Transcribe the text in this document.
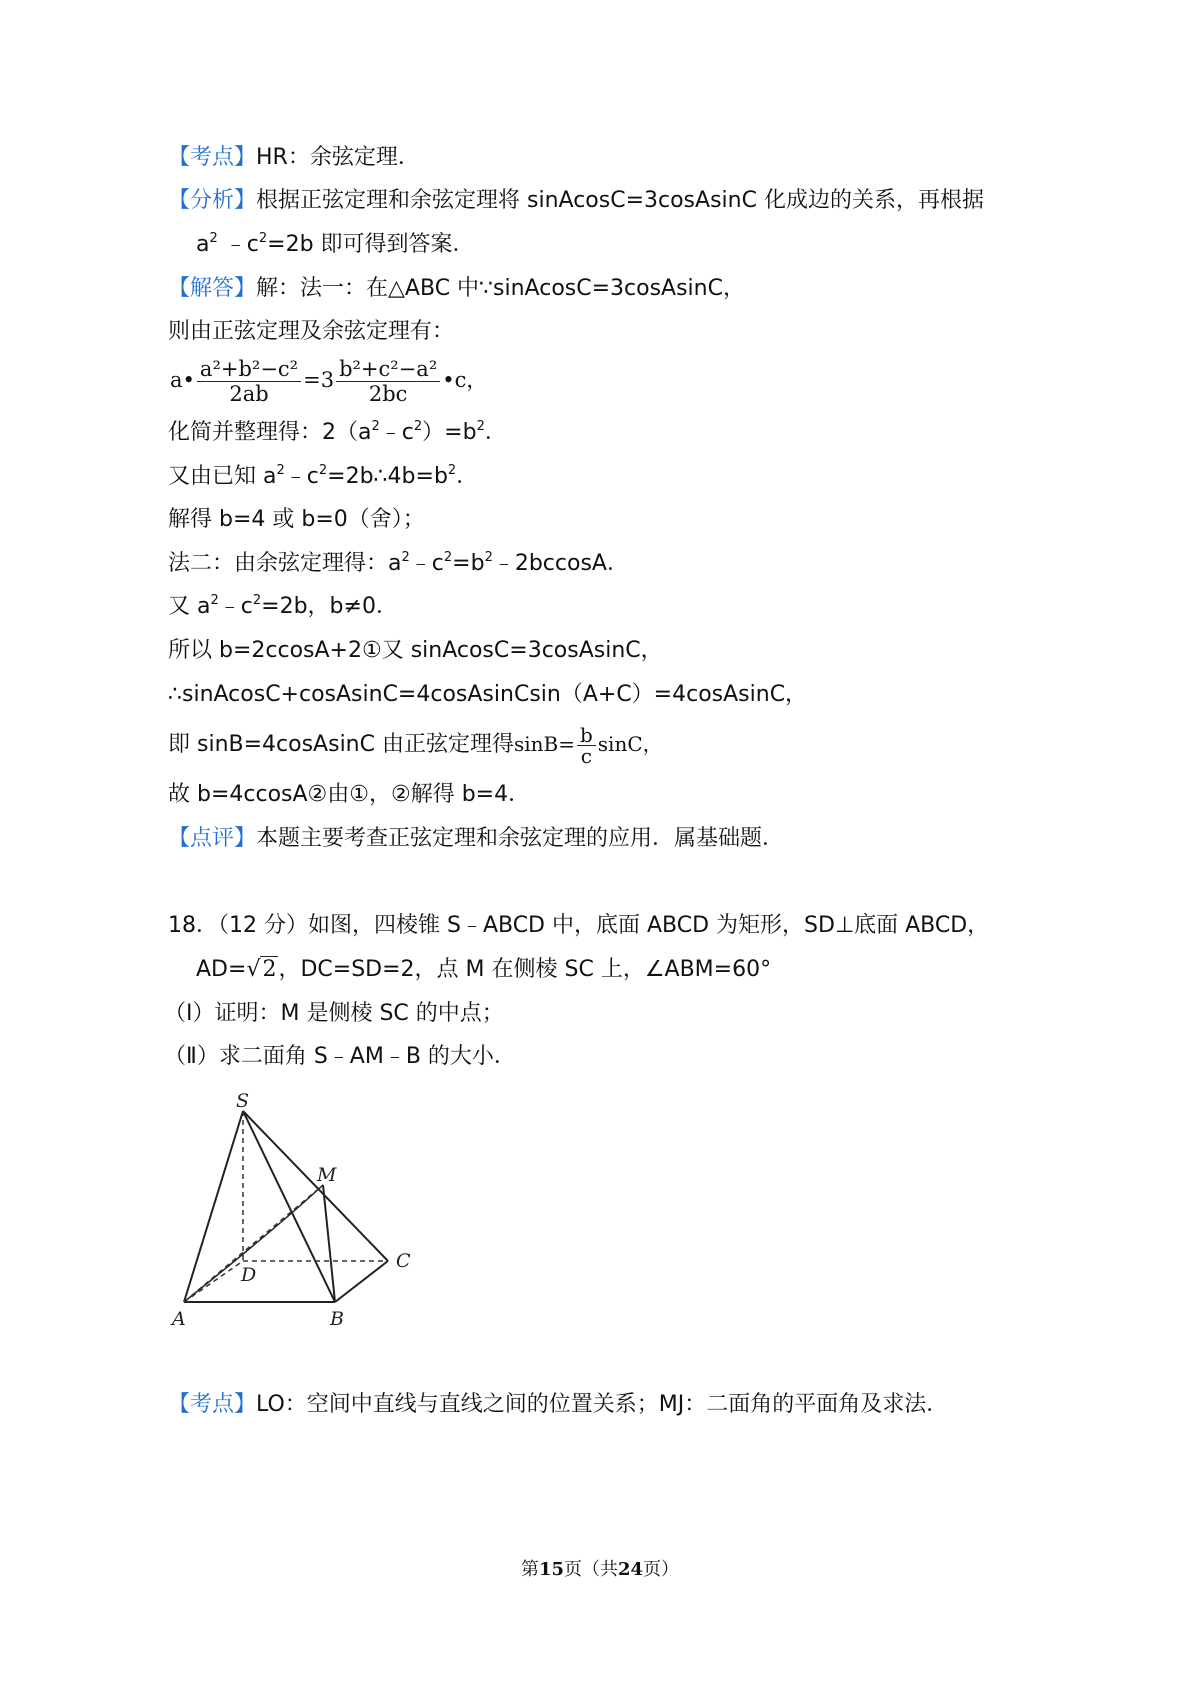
【考点】HR：余弦定理．
【分析】根据正弦定理和余弦定理将 sinAcosC=3cosAsinC 化成边的关系，再根据
$a^2$ $﹣c^2=2b$ 即可得到答案．
【解答】解：法一：在△ABC 中∵sinAcosC=3cosAsinC，
则由正弦定理及余弦定理有：
a• $\frac{\text{a²+b²−c²}}{2ab} =3 \frac{\text{b²+c²−a²}}{2bc}$ •c，
化简并整理得：$2(a^2﹣c^2)=b^2$．
又由已知 $a^2﹣c^2=2b\therefore 4b=b^2$．
解得 b=4 或 b=0（舍）；
法二：由余弦定理得：$a^2﹣c^2=b^2﹣2bccosA$．
又 $a^2﹣c^2=2b$，b≠0．
所以 b=2ccosA+2①又 sinAcosC=3cosAsinC，
∴sinAcosC+cosAsinC=4cosAsinCsin（A+C）=4cosAsinC，
即 sinB=4cosAsinC 由正弦定理得$\sin B= \frac{b}{c}$ sinC，
故 b=4ccosA②由①，②解得 b=4．
【点评】本题主要考查正弦定理和余弦定理的应用．属基础题．
18．（12 分）如图，四棱锥 S﹣ABCD 中，底面 ABCD 为矩形，SD⊥底面 ABCD，
AD=√2，DC=SD=2，点 M 在侧棱 SC 上，∠ABM=60°
（I）证明：M 是侧棱 SC 的中点；
（Ⅱ）求二面角 S﹣AM﹣B 的大小．
S
M
D
C
A	B
【考点】LO：空间中直线与直线之间的位置关系；MJ：二面角的平面角及求法．
第15页（共24页）
